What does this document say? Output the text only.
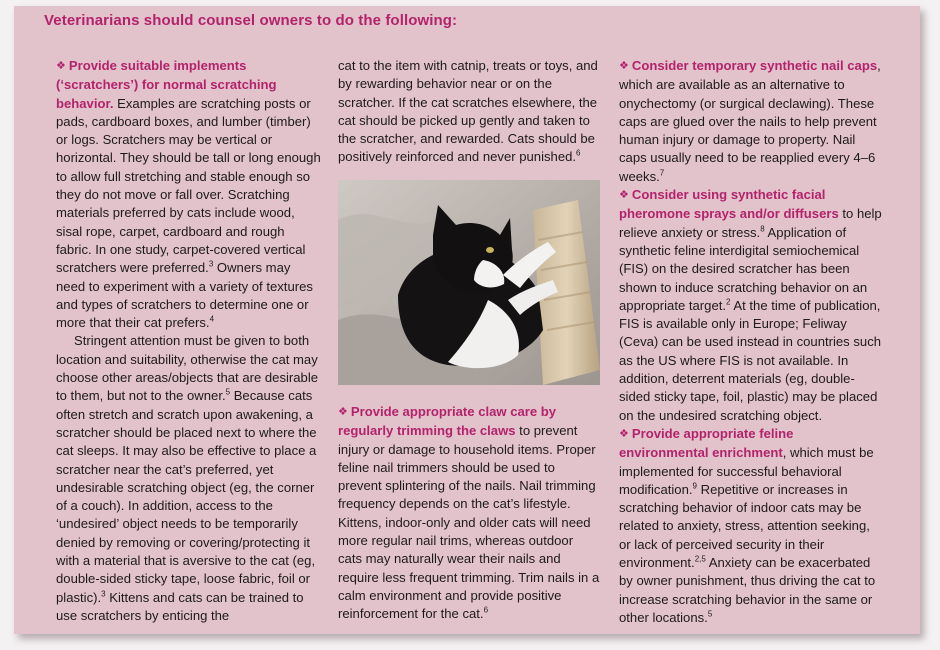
Veterinarians should counsel owners to do the following:

❖ Provide suitable implements (‘scratchers’) for normal scratching behavior. Examples are scratching posts or pads, cardboard boxes, and lumber (timber) or logs. Scratchers may be vertical or horizontal. They should be tall or long enough to allow full stretching and stable enough so they do not move or fall over. Scratching materials preferred by cats include wood, sisal rope, carpet, cardboard and rough fabric. In one study, carpet-covered vertical scratchers were preferred.$^3$ Owners may need to experiment with a variety of textures and types of scratchers to determine one or more that their cat prefers.$^4$

Stringent attention must be given to both location and suitability, otherwise the cat may choose other areas/objects that are desirable to them, but not to the owner.$^5$ Because cats often stretch and scratch upon awakening, a scratcher should be placed next to where the cat sleeps. It may also be effective to place a scratcher near the cat’s preferred, yet undesirable scratching object (eg, the corner of a couch). In addition, access to the ‘undesired’ object needs to be temporarily denied by removing or covering/protecting it with a material that is aversive to the cat (eg, double-sided sticky tape, loose fabric, foil or plastic).$^3$ Kittens and cats can be trained to use scratchers by enticing the

cat to the item with catnip, treats or toys, and by rewarding behavior near or on the scratcher. If the cat scratches elsewhere, the cat should be picked up gently and taken to the scratcher, and rewarded. Cats should be positively reinforced and never punished.$^6$

❖ Provide appropriate claw care by regularly trimming the claws to prevent injury or damage to household items. Proper feline nail trimmers should be used to prevent splintering of the nails. Nail trimming frequency depends on the cat’s lifestyle. Kittens, indoor-only and older cats will need more regular nail trims, whereas outdoor cats may naturally wear their nails and require less frequent trimming. Trim nails in a calm environment and provide positive reinforcement for the cat.$^6$

❖ Consider temporary synthetic nail caps, which are available as an alternative to onychectomy (or surgical declawing). These caps are glued over the nails to help prevent human injury or damage to property. Nail caps usually need to be reapplied every 4–6 weeks.$^7$

❖ Consider using synthetic facial pheromone sprays and/or diffusers to help relieve anxiety or stress.$^8$ Application of synthetic feline interdigital semiochemical (FIS) on the desired scratcher has been shown to induce scratching behavior on an appropriate target.$^2$ At the time of publication, FIS is available only in Europe; Feliway (Ceva) can be used instead in countries such as the US where FIS is not available. In addition, deterrent materials (eg, double-sided sticky tape, foil, plastic) may be placed on the undesired scratching object.

❖ Provide appropriate feline environmental enrichment, which must be implemented for successful behavioral modification.$^9$ Repetitive or increases in scratching behavior of indoor cats may be related to anxiety, stress, attention seeking, or lack of perceived security in their environment.$^{2,5}$ Anxiety can be exacerbated by owner punishment, thus driving the cat to increase scratching behavior in the same or other locations.$^5$
